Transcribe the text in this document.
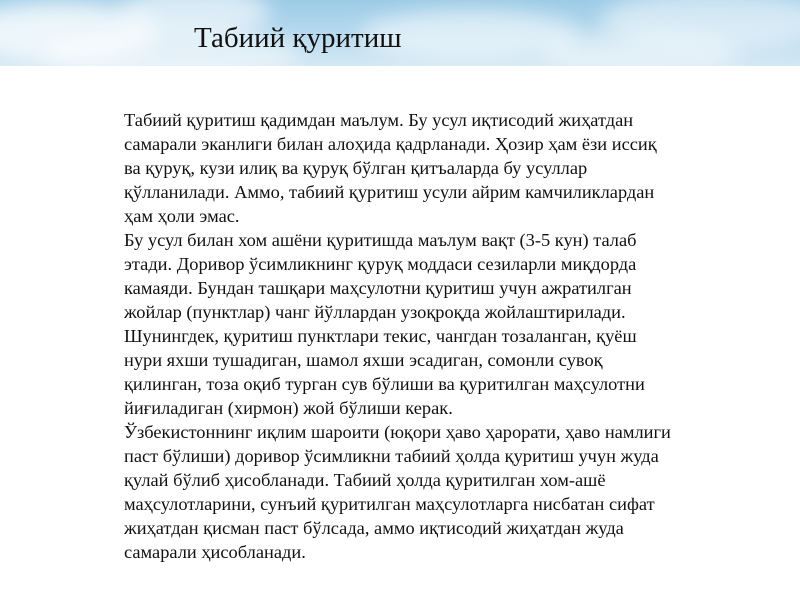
Табиий қуритиш
Табиий қуритиш қадимдан маълум. Бу усул иқтисодий жиҳатдан
самарали эканлиги билан алоҳида қадрланади. Ҳозир ҳам ёзи иссиқ
ва қуруқ, кузи илиқ ва қуруқ бўлган қитъаларда бу усуллар
қўлланилади. Аммо, табиий қуритиш усули айрим камчиликлардан
ҳам ҳоли эмас.
Бу усул билан хом ашёни қуритишда маълум вақт (3-5 кун) талаб
этади. Доривор ўсимликнинг қуруқ моддаси сезиларли миқдорда
камаяди. Бундан ташқари маҳсулотни қуритиш учун ажратилган
жойлар (пунктлар) чанг йўллардан узоқроқда жойлаштирилади.
Шунингдек, қуритиш пунктлари текис, чангдан тозаланган, қуёш
нури яхши тушадиган, шамол яхши эсадиган, сомонли сувоқ
қилинган, тоза оқиб турган сув бўлиши ва қуритилган маҳсулотни
йиғиладиган (хирмон) жой бўлиши керак.
Ўзбекистоннинг иқлим шароити (юқори ҳаво ҳарорати, ҳаво намлиги
паст бўлиши) доривор ўсимликни табиий ҳолда қуритиш учун жуда
қулай бўлиб ҳисобланади. Табиий ҳолда қуритилган хом-ашё
маҳсулотларини, сунъий қуритилган маҳсулотларга нисбатан сифат
жиҳатдан қисман паст бўлсада, аммо иқтисодий жиҳатдан жуда
самарали ҳисобланади.
